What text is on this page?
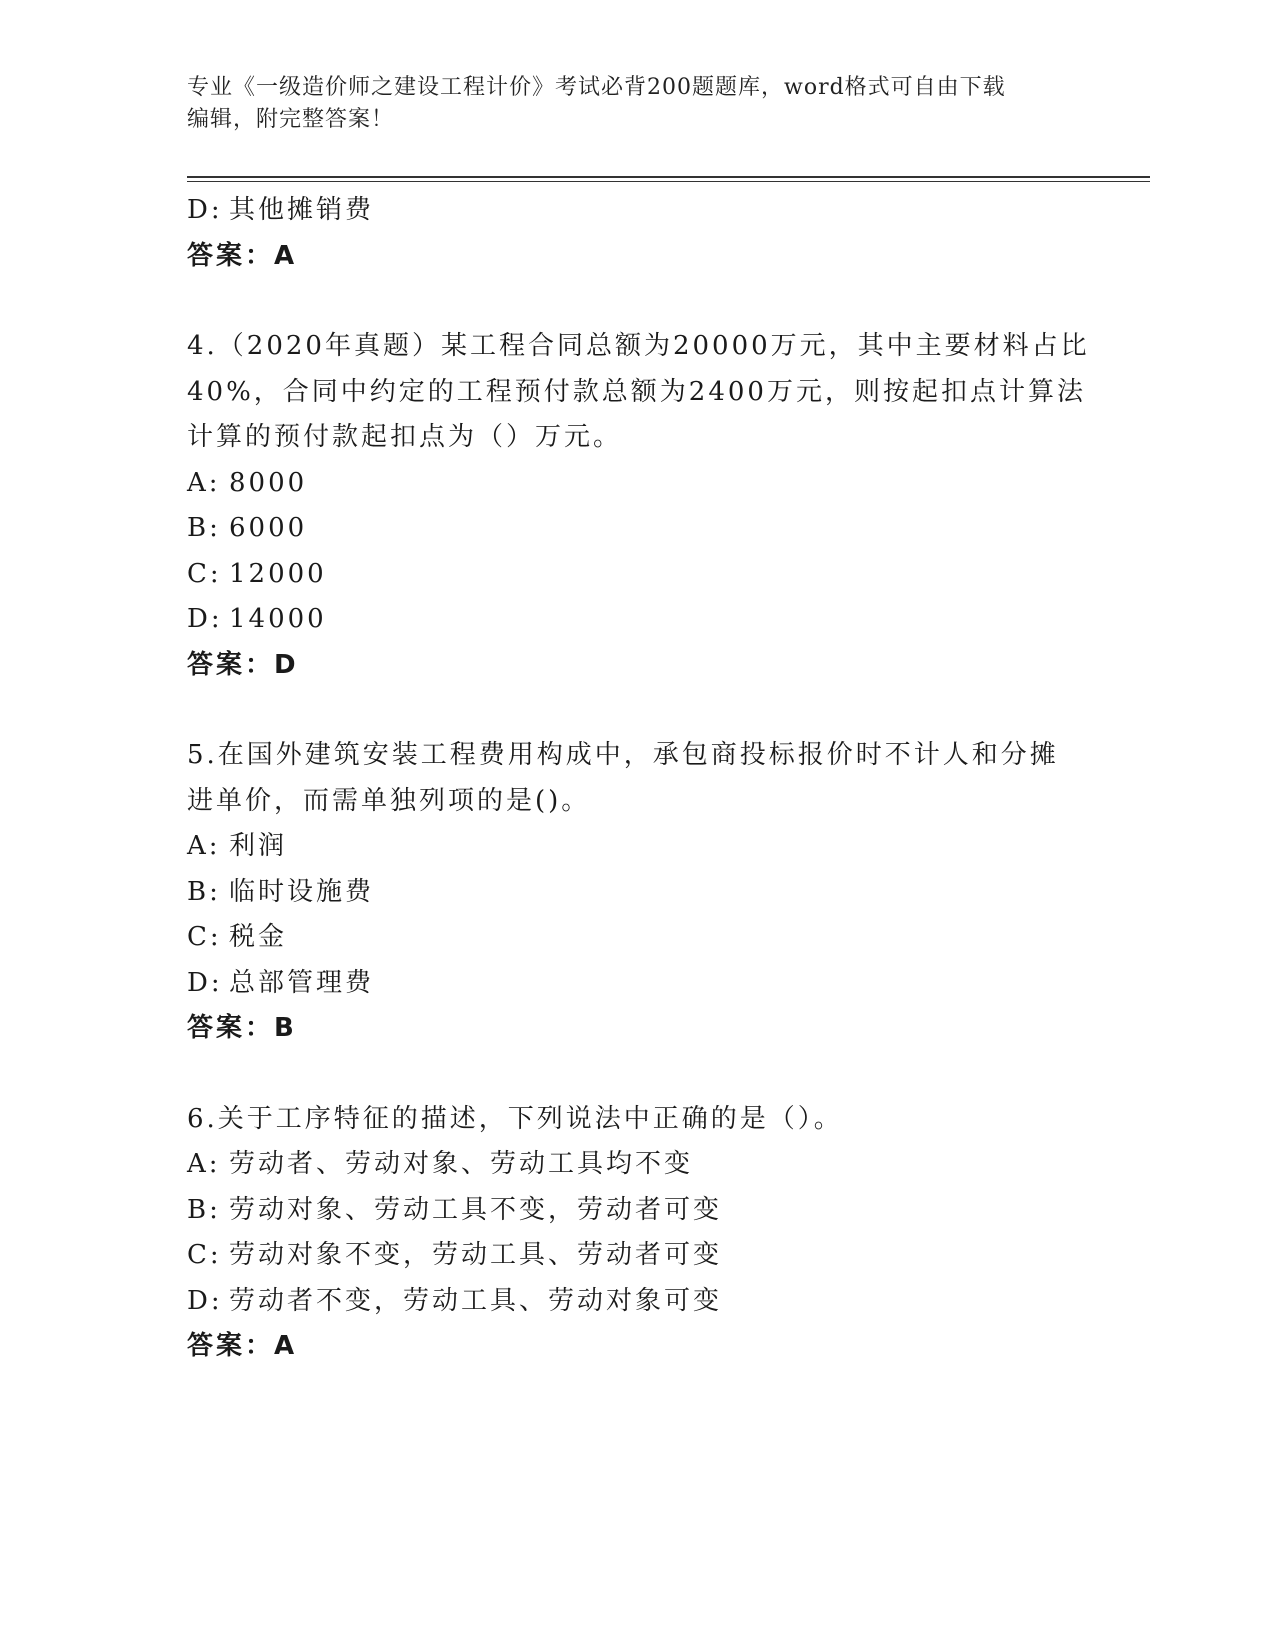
专业《一级造价师之建设工程计价》考试必背200题题库，word格式可自由下载
编辑，附完整答案！
D: 其他摊销费
答案：A
4.（2020年真题）某工程合同总额为20000万元，其中主要材料占比
40%，合同中约定的工程预付款总额为2400万元，则按起扣点计算法
计算的预付款起扣点为（）万元。
A: 8000
B: 6000
C: 12000
D: 14000
答案：D
5.在国外建筑安装工程费用构成中，承包商投标报价时不计人和分摊
进单价，而需单独列项的是()。
A: 利润
B: 临时设施费
C: 税金
D: 总部管理费
答案：B
6.关于工序特征的描述，下列说法中正确的是（）。
A: 劳动者、劳动对象、劳动工具均不变
B: 劳动对象、劳动工具不变，劳动者可变
C: 劳动对象不变，劳动工具、劳动者可变
D: 劳动者不变，劳动工具、劳动对象可变
答案：A
